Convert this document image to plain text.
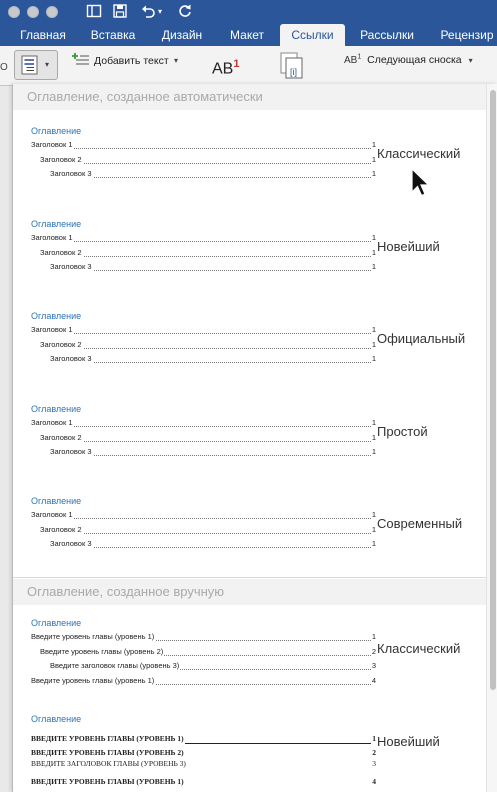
▾
Главная	Вставка	Дизайн	Макет	Ссылки	Рассылки	Рецензир
O	▾	Добавить текст ▾ $AB^1$
[i]
$AB^1$ Следующая сноска ▾
Оглавление, созданное автоматически
Оглавление
Заголовок 1	1
Заголовок 2	1
Заголовок 3	1
Классический
Оглавление
Заголовок 1	1
Заголовок 2	1
Заголовок 3	1
Новейший
Оглавление
Заголовок 1	1
Заголовок 2	1
Заголовок 3	1
Официальный
Оглавление
Заголовок 1	1
Заголовок 2	1
Заголовок 3	1
Простой
Оглавление
Заголовок 1	1
Заголовок 2	1
Заголовок 3	1
Современный
Оглавление, созданное вручную
Оглавление
Введите уровень главы (уровень 1)	1
Введите уровень главы (уровень 2)	2
Введите заголовок главы (уровень 3)	3
Введите уровень главы (уровень 1)	4
Классический
Оглавление
ВВЕДИТЕ УРОВЕНЬ ГЛАВЫ (УРОВЕНЬ 1)	1
ВВЕДИТЕ УРОВЕНЬ ГЛАВЫ (УРОВЕНЬ 2)	2
ВВЕДИТЕ ЗАГОЛОВОК ГЛАВЫ (УРОВЕНЬ 3)	3
ВВЕДИТЕ УРОВЕНЬ ГЛАВЫ (УРОВЕНЬ 1)	4
Новейший
